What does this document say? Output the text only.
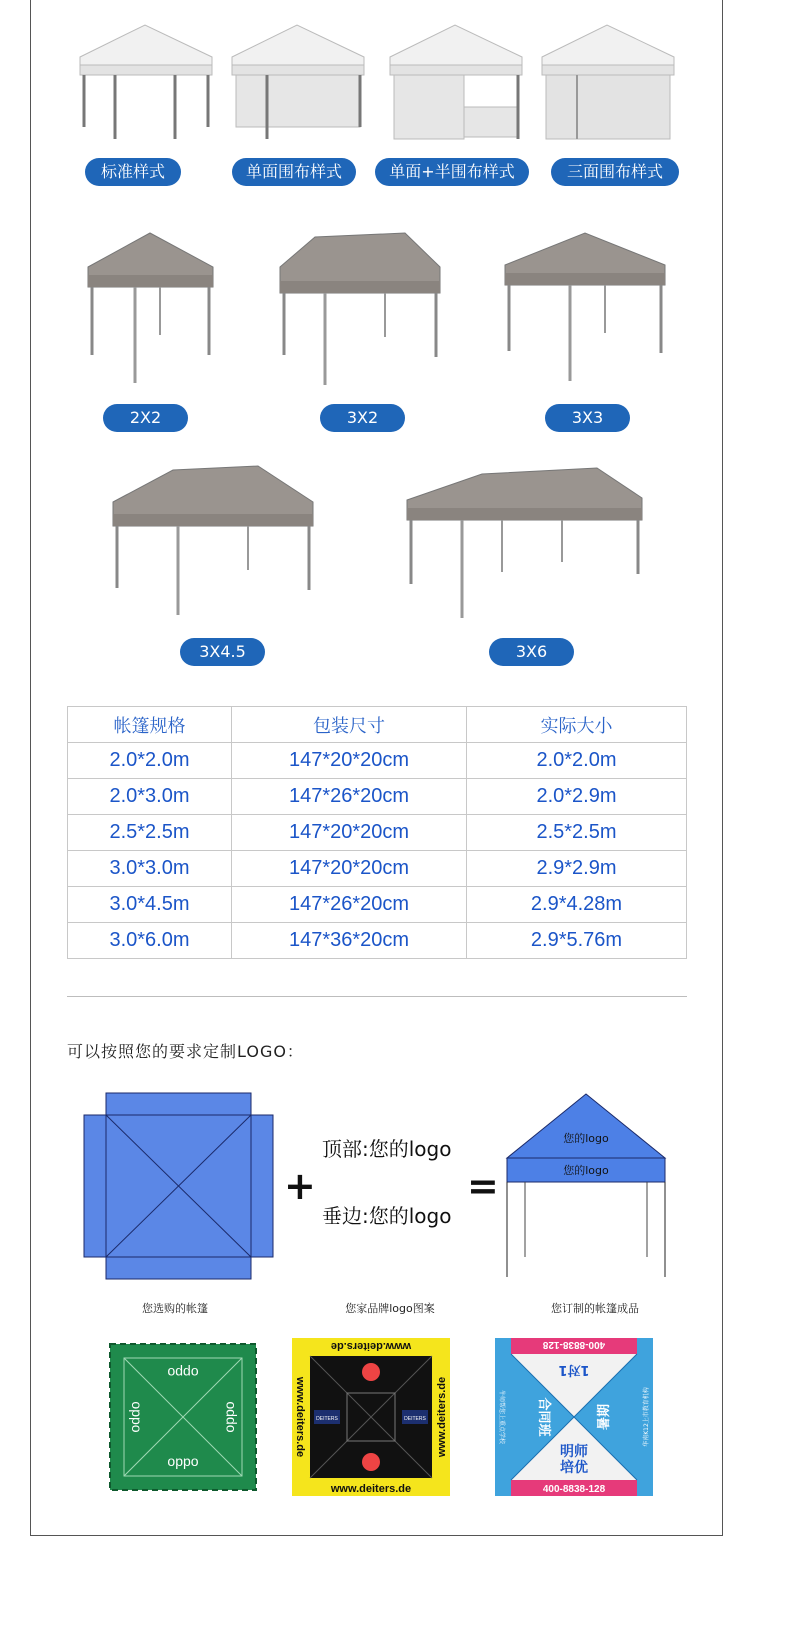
标准样式	单面围布样式	单面+半围布样式	三面围布样式
2X2	3X2	3X3
3X4.5	3X6
帐篷规格	包装尺寸	实际大小
2.0*2.0m	147*20*20cm	2.0*2.0m
2.0*3.0m	147*26*20cm	2.0*2.9m
2.5*2.5m	147*20*20cm	2.5*2.5m
3.0*3.0m	147*20*20cm	2.9*2.9m
3.0*4.5m	147*26*20cm	2.9*4.28m
3.0*6.0m	147*36*20cm	2.9*5.76m
可以按照您的要求定制LOGO：
+
顶部:您的logo
垂边:您的logo
=
您的logo
您的logo
您选购的帐篷	您家品牌logo图案	您订制的帐篷成品
oppo
oppo
oppo	oppo	DEITERS	DEITERS
www.deiters.de
www.deiters.de
www.deiters.de	www.deiters.de
400-8838-128
400-8838-128
明师
培优
暑期
合同班
1对1
华南K12上市教育机构
牛师帮您上重点学校
